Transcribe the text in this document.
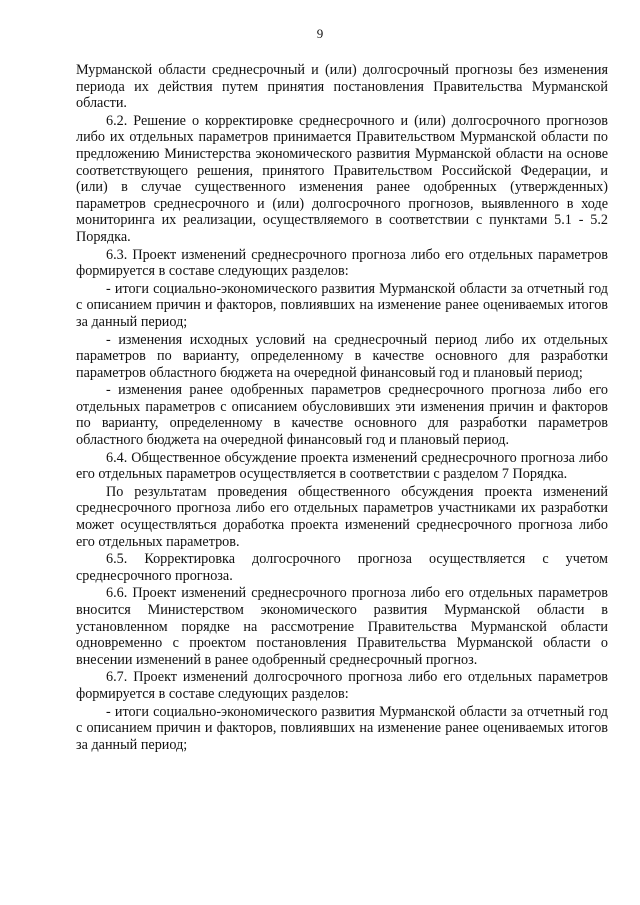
9

Мурманской области среднесрочный и (или) долгосрочный прогнозы без изменения периода их действия путем принятия постановления Правительства Мурманской области.

6.2. Решение о корректировке среднесрочного и (или) долгосрочного прогнозов либо их отдельных параметров принимается Правительством Мурманской области по предложению Министерства экономического развития Мурманской области на основе соответствующего решения, принятого Правительством Российской Федерации, и (или) в случае существенного изменения ранее одобренных (утвержденных) параметров среднесрочного и (или) долгосрочного прогнозов, выявленного в ходе мониторинга их реализации, осуществляемого в соответствии с пунктами 5.1 - 5.2 Порядка.

6.3. Проект изменений среднесрочного прогноза либо его отдельных параметров формируется в составе следующих разделов:

- итоги социально-экономического развития Мурманской области за отчетный год с описанием причин и факторов, повлиявших на изменение ранее оцениваемых итогов за данный период;

- изменения исходных условий на среднесрочный период либо их отдельных параметров по варианту, определенному в качестве основного для разработки параметров областного бюджета на очередной финансовый год и плановый период;

- изменения ранее одобренных параметров среднесрочного прогноза либо его отдельных параметров с описанием обусловивших эти изменения причин и факторов по варианту, определенному в качестве основного для разработки параметров областного бюджета на очередной финансовый год и плановый период.

6.4. Общественное обсуждение проекта изменений среднесрочного прогноза либо его отдельных параметров осуществляется в соответствии с разделом 7 Порядка.

По результатам проведения общественного обсуждения проекта изменений среднесрочного прогноза либо его отдельных параметров участниками их разработки может осуществляться доработка проекта изменений среднесрочного прогноза либо его отдельных параметров.

6.5. Корректировка долгосрочного прогноза осуществляется с учетом среднесрочного прогноза.

6.6. Проект изменений среднесрочного прогноза либо его отдельных параметров вносится Министерством экономического развития Мурманской области в установленном порядке на рассмотрение Правительства Мурманской области одновременно с проектом постановления Правительства Мурманской области о внесении изменений в ранее одобренный среднесрочный прогноз.

6.7. Проект изменений долгосрочного прогноза либо его отдельных параметров формируется в составе следующих разделов:

- итоги социально-экономического развития Мурманской области за отчетный год с описанием причин и факторов, повлиявших на изменение ранее оцениваемых итогов за данный период;
